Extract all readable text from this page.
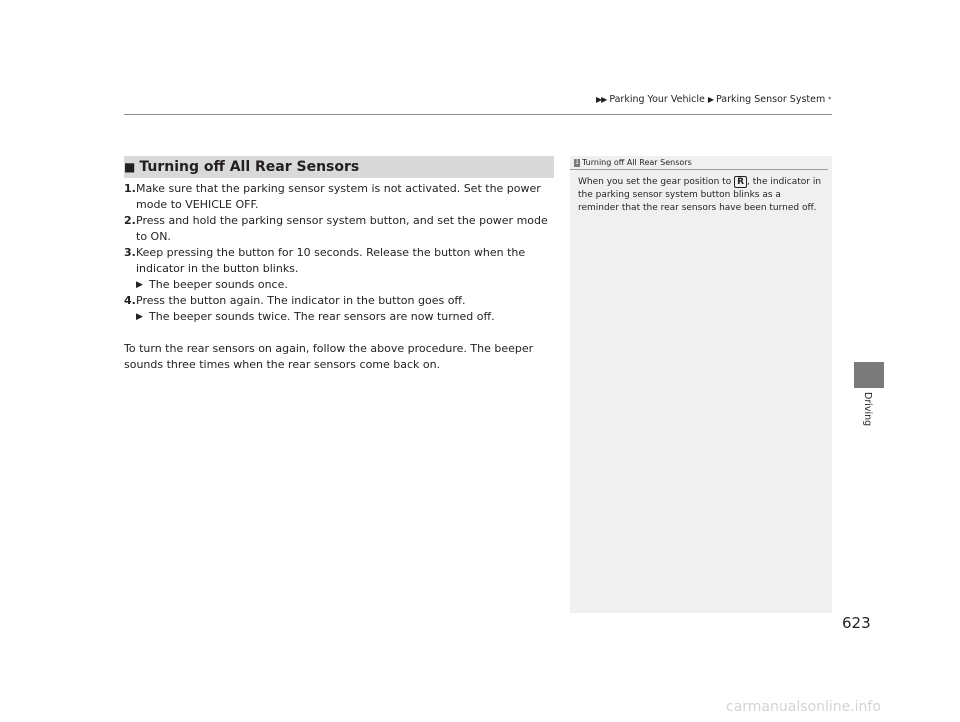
▶▶ Parking Your Vehicle ▶ Parking Sensor System *
■ Turning off All Rear Sensors
1. Make sure that the parking sensor system is not activated. Set the power mode to VEHICLE OFF.
2. Press and hold the parking sensor system button, and set the power mode to ON.
3. Keep pressing the button for 10 seconds. Release the button when the indicator in the button blinks.
▶ The beeper sounds once.
4. Press the button again. The indicator in the button goes off.
▶ The beeper sounds twice. The rear sensors are now turned off.
To turn the rear sensors on again, follow the above procedure. The beeper sounds three times when the rear sensors come back on.
1 Turning off All Rear Sensors
When you set the gear position to R , the indicator in the parking sensor system button blinks as a reminder that the rear sensors have been turned off.
Driving
623
carmanualsonline.info
